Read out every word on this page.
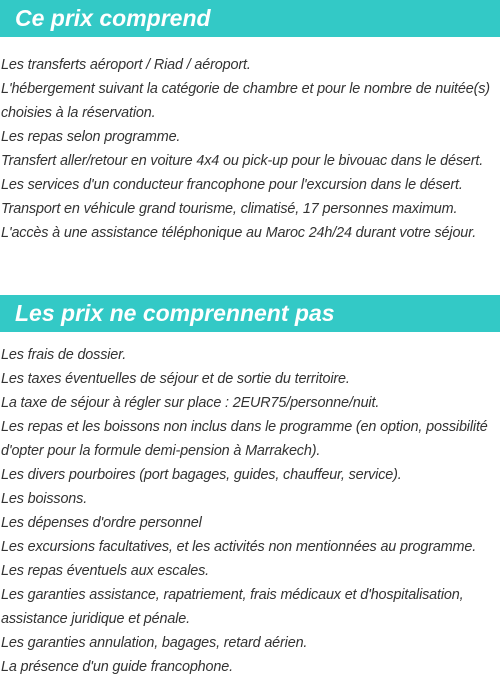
Ce prix comprend
Les transferts aéroport / Riad / aéroport.
L'hébergement suivant la catégorie de chambre et pour le nombre de nuitée(s) choisies à la réservation.
Les repas selon programme.
Transfert aller/retour en voiture 4x4 ou pick-up pour le bivouac dans le désert.
Les services d'un conducteur francophone pour l'excursion dans le désert.
Transport en véhicule grand tourisme, climatisé, 17 personnes maximum.
L'accès à une assistance téléphonique au Maroc 24h/24 durant votre séjour.
Les prix ne comprennent pas
Les frais de dossier.
Les taxes éventuelles de séjour et de sortie du territoire.
La taxe de séjour à régler sur place : 2EUR75/personne/nuit.
Les repas et les boissons non inclus dans le programme (en option, possibilité d'opter pour la formule demi-pension à Marrakech).
Les divers pourboires (port bagages, guides, chauffeur, service).
Les boissons.
Les dépenses d'ordre personnel
Les excursions facultatives, et les activités non mentionnées au programme.
Les repas éventuels aux escales.
Les garanties assistance, rapatriement, frais médicaux et d'hospitalisation, assistance juridique et pénale.
Les garanties annulation, bagages, retard aérien.
La présence d'un guide francophone.
